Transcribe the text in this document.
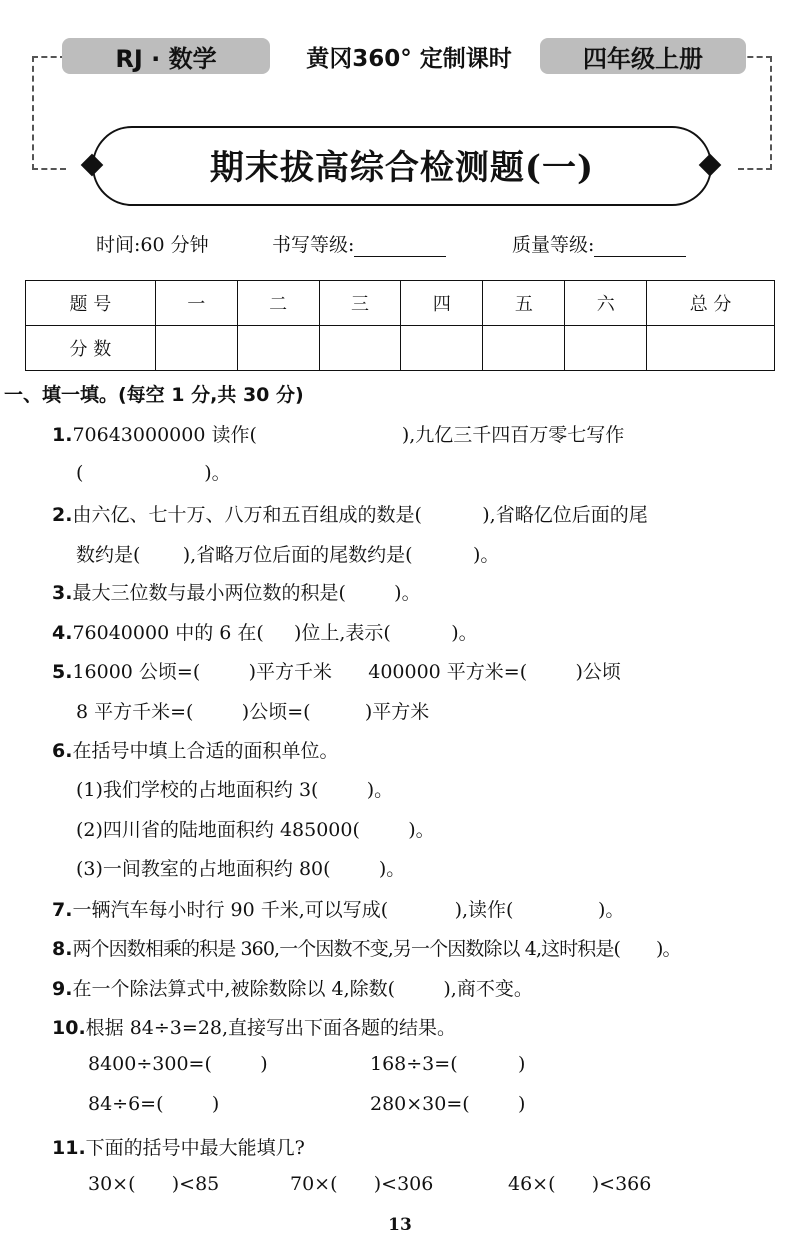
RJ · 数学	黄冈360° 定制课时	四年级上册
期末拔高综合检测题(一)
时间:60 分钟	书写等级:	质量等级:
题 号	一	二	三	四	五	六	总 分
分 数							
一、填一填。(每空 1 分,共 30 分)
1.70643000000 读作(                        ),九亿三千四百万零七写作
(                    )。
2.由六亿、七十万、八万和五百组成的数是(          ),省略亿位后面的尾
数约是(       ),省略万位后面的尾数约是(          )。
3.最大三位数与最小两位数的积是(        )。
4.76040000 中的 6 在(     )位上,表示(          )。
5.16000 公顷=(        )平方千米      400000 平方米=(        )公顷
8 平方千米=(        )公顷=(         )平方米
6.在括号中填上合适的面积单位。
(1)我们学校的占地面积约 3(        )。
(2)四川省的陆地面积约 485000(        )。
(3)一间教室的占地面积约 80(        )。
7.一辆汽车每小时行 90 千米,可以写成(           ),读作(              )。
8.两个因数相乘的积是 360,一个因数不变,另一个因数除以 4,这时积是(       )。
9.在一个除法算式中,被除数除以 4,除数(        ),商不变。
10.根据 84÷3=28,直接写出下面各题的结果。
8400÷300=(        )	168÷3=(          )
84÷6=(        )	280×30=(        )
11.下面的括号中最大能填几?
30×(      )<85	70×(      )<306	46×(      )<366
13
